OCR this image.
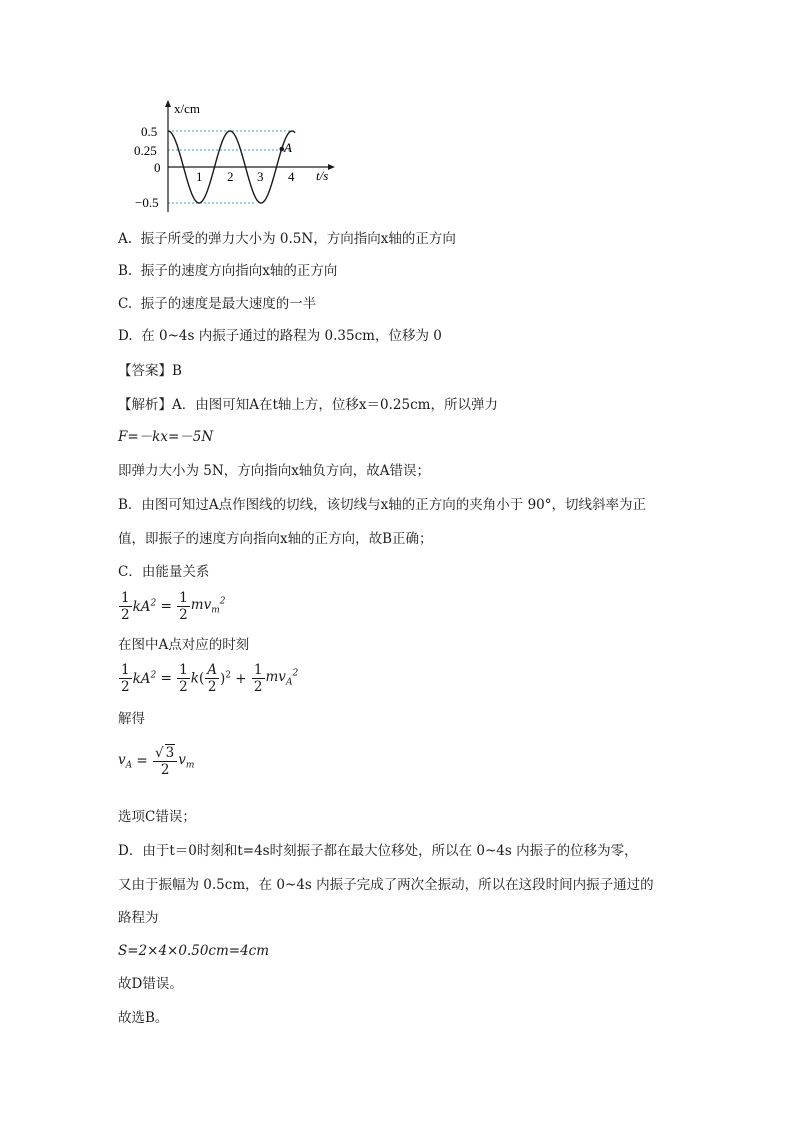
x/cm
t/s
0.5
0.25
0
−0.5
1 2 3 4
A
A. 振子所受的弹力大小为 0.5N，方向指向x轴的正方向
B. 振子的速度方向指向x轴的正方向
C. 振子的速度是最大速度的一半
D. 在 0~4s 内振子通过的路程为 0.35cm，位移为 0
【答案】B
【解析】A．由图可知A在t轴上方，位移x＝0.25cm，所以弹力
F=－kx=－5N
即弹力大小为 5N，方向指向x轴负方向，故A错误；
B．由图可知过A点作图线的切线，该切线与x轴的正方向的夹角小于 90°，切线斜率为正
值，即振子的速度方向指向x轴的正方向，故B正确；
C．由能量关系
$\frac{1}{2} kA^2 = \frac{1}{2} mv_m^2$
在图中A点对应的时刻
$\frac{1}{2} kA^2 = \frac{1}{2} k( \frac{A}{2} )^2 + \frac{1}{2} mv_A^2$
解得
$v_A = \frac{√ 3}{2} v_m$
选项C错误；
D．由于t＝0时刻和t=4s时刻振子都在最大位移处，所以在 0~4s 内振子的位移为零，
又由于振幅为 0.5cm，在 0~4s 内振子完成了两次全振动，所以在这段时间内振子通过的
路程为
S=2×4×0.50cm=4cm
故D错误。
故选B。
